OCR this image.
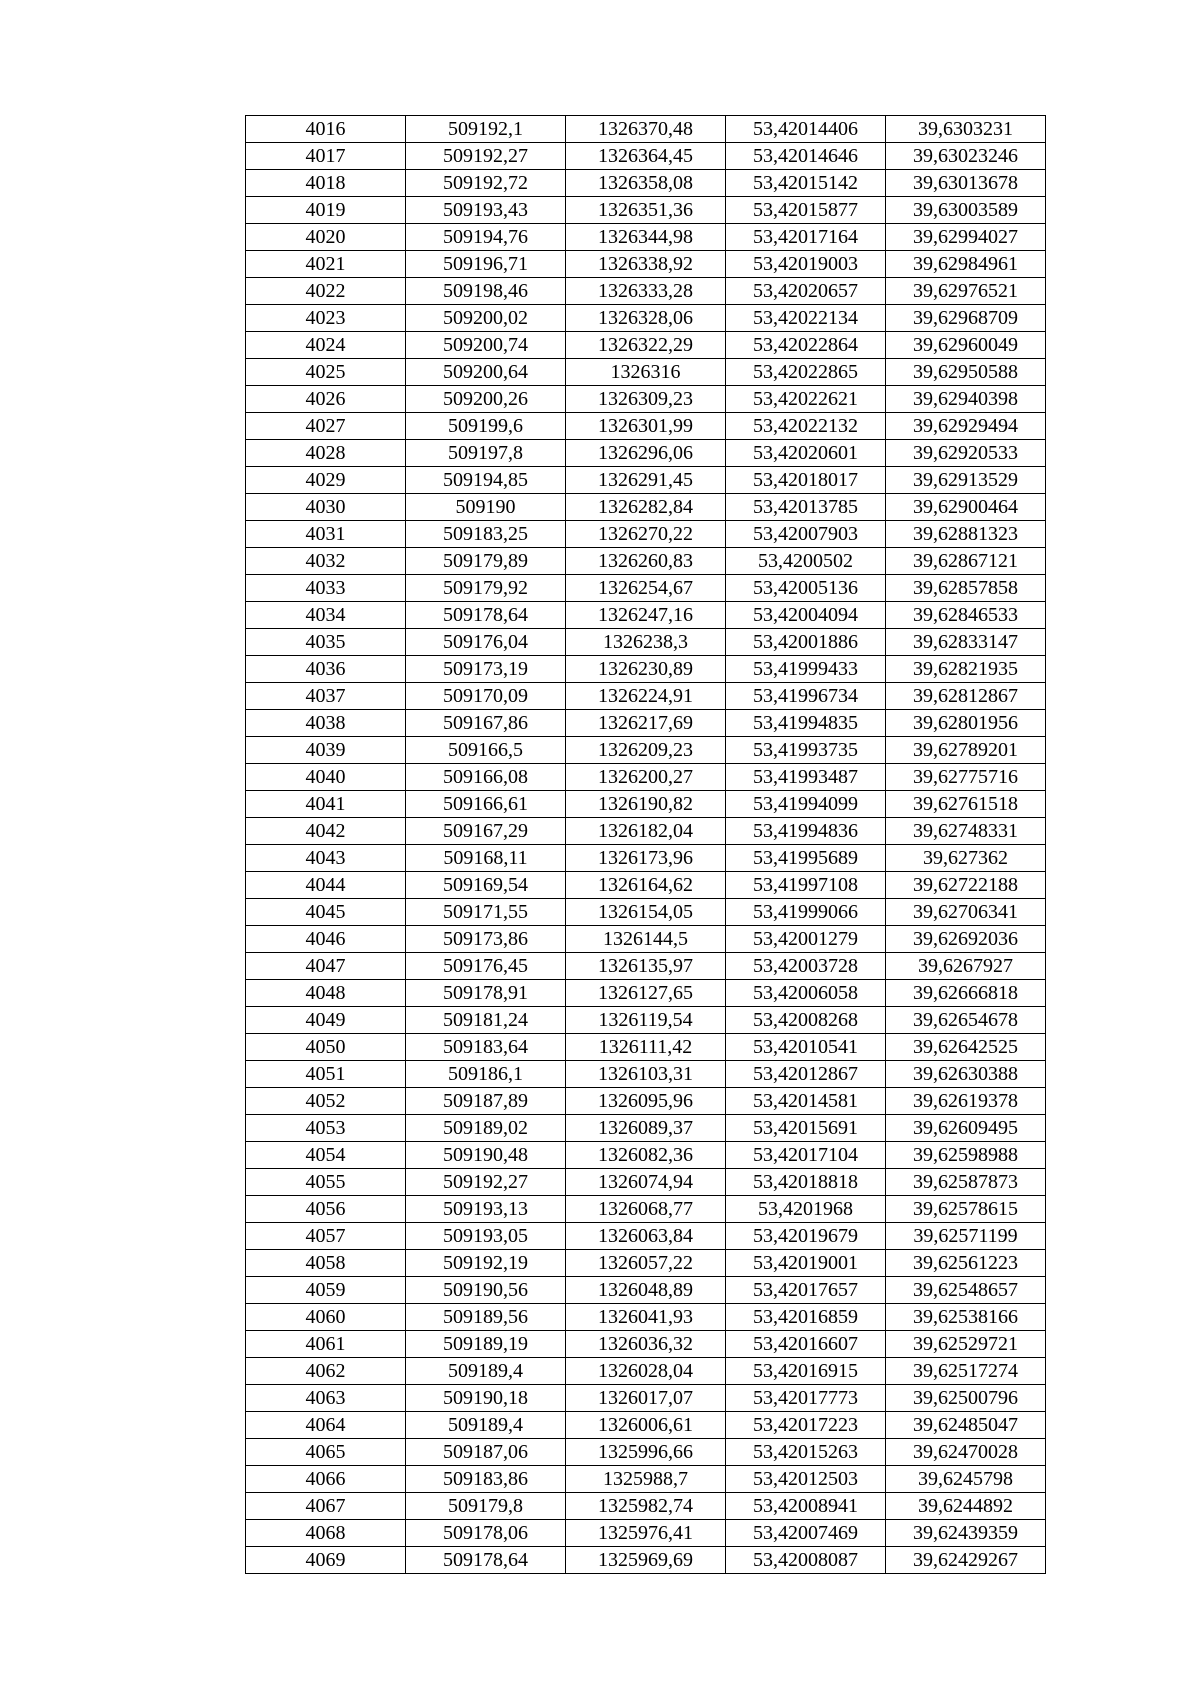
4016	509192,1	1326370,48	53,42014406	39,6303231
4017	509192,27	1326364,45	53,42014646	39,63023246
4018	509192,72	1326358,08	53,42015142	39,63013678
4019	509193,43	1326351,36	53,42015877	39,63003589
4020	509194,76	1326344,98	53,42017164	39,62994027
4021	509196,71	1326338,92	53,42019003	39,62984961
4022	509198,46	1326333,28	53,42020657	39,62976521
4023	509200,02	1326328,06	53,42022134	39,62968709
4024	509200,74	1326322,29	53,42022864	39,62960049
4025	509200,64	1326316	53,42022865	39,62950588
4026	509200,26	1326309,23	53,42022621	39,62940398
4027	509199,6	1326301,99	53,42022132	39,62929494
4028	509197,8	1326296,06	53,42020601	39,62920533
4029	509194,85	1326291,45	53,42018017	39,62913529
4030	509190	1326282,84	53,42013785	39,62900464
4031	509183,25	1326270,22	53,42007903	39,62881323
4032	509179,89	1326260,83	53,4200502	39,62867121
4033	509179,92	1326254,67	53,42005136	39,62857858
4034	509178,64	1326247,16	53,42004094	39,62846533
4035	509176,04	1326238,3	53,42001886	39,62833147
4036	509173,19	1326230,89	53,41999433	39,62821935
4037	509170,09	1326224,91	53,41996734	39,62812867
4038	509167,86	1326217,69	53,41994835	39,62801956
4039	509166,5	1326209,23	53,41993735	39,62789201
4040	509166,08	1326200,27	53,41993487	39,62775716
4041	509166,61	1326190,82	53,41994099	39,62761518
4042	509167,29	1326182,04	53,41994836	39,62748331
4043	509168,11	1326173,96	53,41995689	39,627362
4044	509169,54	1326164,62	53,41997108	39,62722188
4045	509171,55	1326154,05	53,41999066	39,62706341
4046	509173,86	1326144,5	53,42001279	39,62692036
4047	509176,45	1326135,97	53,42003728	39,6267927
4048	509178,91	1326127,65	53,42006058	39,62666818
4049	509181,24	1326119,54	53,42008268	39,62654678
4050	509183,64	1326111,42	53,42010541	39,62642525
4051	509186,1	1326103,31	53,42012867	39,62630388
4052	509187,89	1326095,96	53,42014581	39,62619378
4053	509189,02	1326089,37	53,42015691	39,62609495
4054	509190,48	1326082,36	53,42017104	39,62598988
4055	509192,27	1326074,94	53,42018818	39,62587873
4056	509193,13	1326068,77	53,4201968	39,62578615
4057	509193,05	1326063,84	53,42019679	39,62571199
4058	509192,19	1326057,22	53,42019001	39,62561223
4059	509190,56	1326048,89	53,42017657	39,62548657
4060	509189,56	1326041,93	53,42016859	39,62538166
4061	509189,19	1326036,32	53,42016607	39,62529721
4062	509189,4	1326028,04	53,42016915	39,62517274
4063	509190,18	1326017,07	53,42017773	39,62500796
4064	509189,4	1326006,61	53,42017223	39,62485047
4065	509187,06	1325996,66	53,42015263	39,62470028
4066	509183,86	1325988,7	53,42012503	39,6245798
4067	509179,8	1325982,74	53,42008941	39,6244892
4068	509178,06	1325976,41	53,42007469	39,62439359
4069	509178,64	1325969,69	53,42008087	39,62429267
